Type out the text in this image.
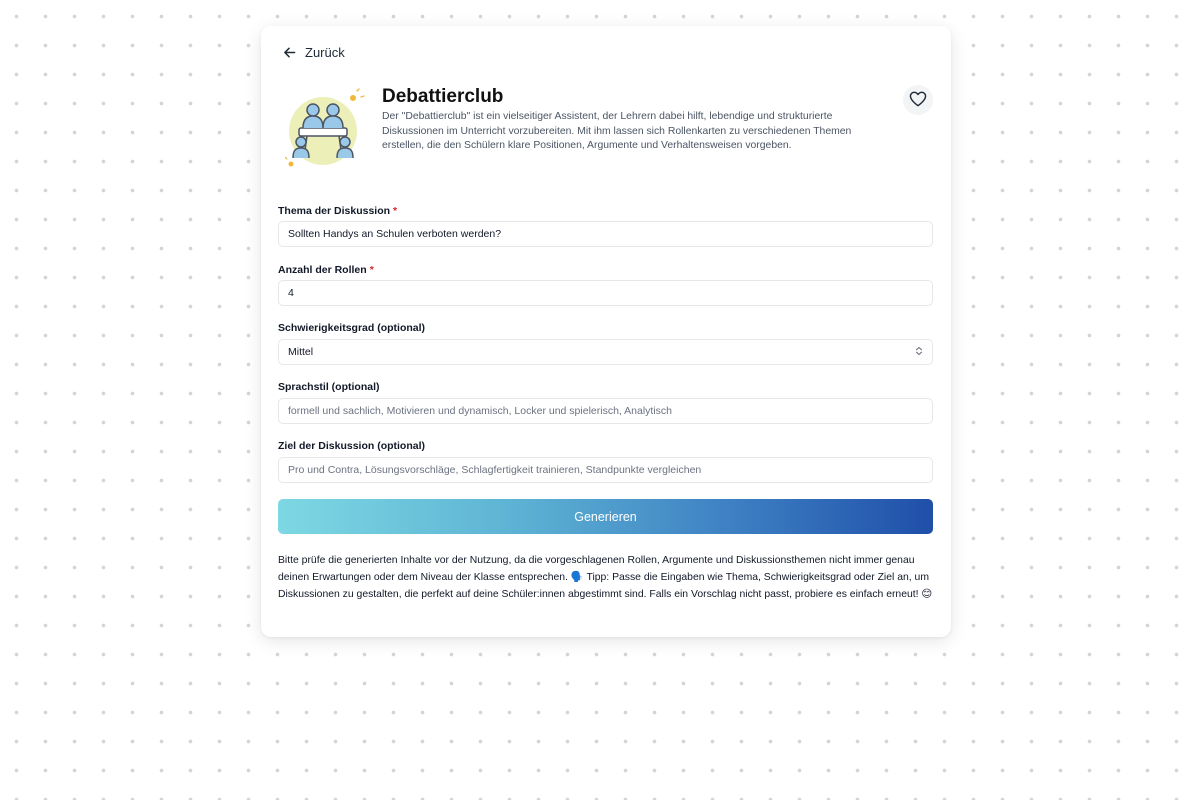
Zurück
Debattierclub

Der "Debattierclub" ist ein vielseitiger Assistent, der Lehrern dabei hilft, lebendige und strukturierte Diskussionen im Unterricht vorzubereiten. Mit ihm lassen sich Rollenkarten zu verschiedenen Themen erstellen, die den Schülern klare Positionen, Argumente und Verhaltensweisen vorgeben.

Thema der Diskussion *
Sollten Handys an Schulen verboten werden?
Anzahl der Rollen *
4
Schwierigkeitsgrad (optional)
Mittel
Sprachstil (optional)
formell und sachlich, Motivieren und dynamisch, Locker und spielerisch, Analytisch
Ziel der Diskussion (optional)
Pro und Contra, Lösungsvorschläge, Schlagfertigkeit trainieren, Standpunkte vergleichen
Generieren

Bitte prüfe die generierten Inhalte vor der Nutzung, da die vorgeschlagenen Rollen, Argumente und Diskussionsthemen nicht immer genau deinen Erwartungen oder dem Niveau der Klasse entsprechen. 🗣️ Tipp: Passe die Eingaben wie Thema, Schwierigkeitsgrad oder Ziel an, um Diskussionen zu gestalten, die perfekt auf deine Schüler:innen abgestimmt sind. Falls ein Vorschlag nicht passt, probiere es einfach erneut! 😊
